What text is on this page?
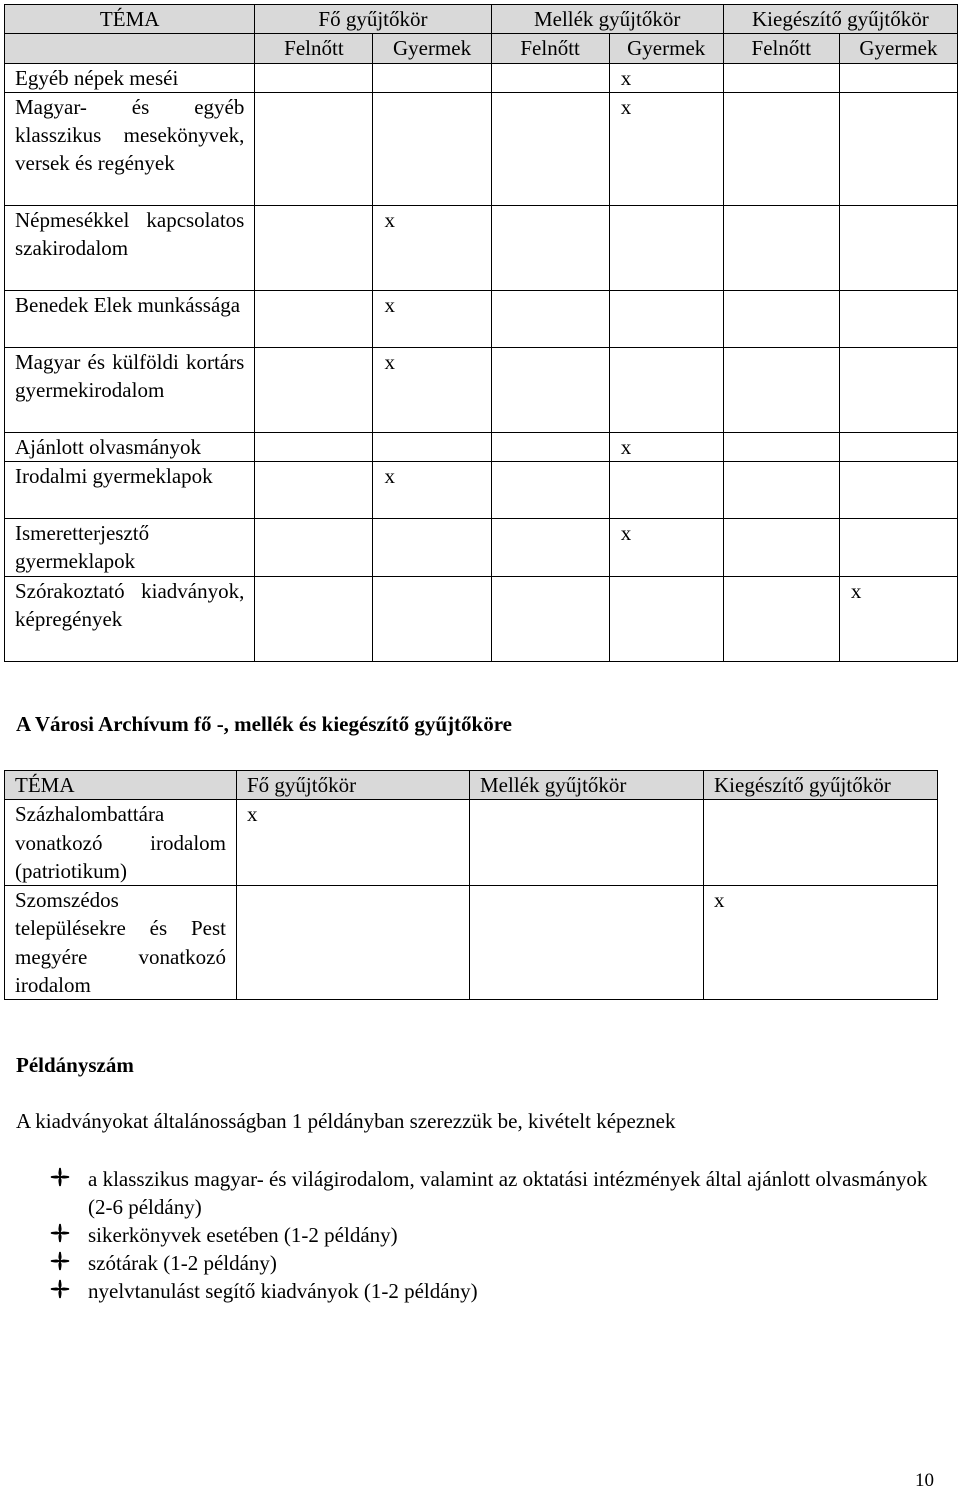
TÉMA	Fő gyűjtőkör		Mellék gyűjtőkör		Kiegészítő gyűjtőkör	
	Felnőtt	Gyermek	Felnőtt	Gyermek	Felnőtt	Gyermek
Egyéb népek meséi				x		
Magyar- és egyéb klasszikus mesekönyvek, versek és regények				x		
Népmesékkel kapcsolatos szakirodalom		x				
Benedek Elek munkássága		x				
Magyar és külföldi kortárs gyermekirodalom		x				
Ajánlott olvasmányok				x		
Irodalmi gyermeklapok		x				
Ismeretterjesztő gyermeklapok				x		
Szórakoztató kiadványok, képregények						x
A Városi Archívum fő -, mellék és kiegészítő gyűjtőköre
TÉMA	Fő gyűjtőkör	Mellék gyűjtőkör	Kiegészítő gyűjtőkör
Százhalombattára vonatkozó irodalom (patriotikum)	x		
Szomszédos településekre és Pest megyére vonatkozó irodalom			x
Példányszám
A kiadványokat általánosságban 1 példányban szerezzük be, kivételt képeznek
a klasszikus magyar- és világirodalom, valamint az oktatási intézmények által ajánlott olvasmányok (2-6 példány)
sikerkönyvek esetében (1-2 példány)
szótárak (1-2 példány)
nyelvtanulást segítő kiadványok (1-2 példány)
10
